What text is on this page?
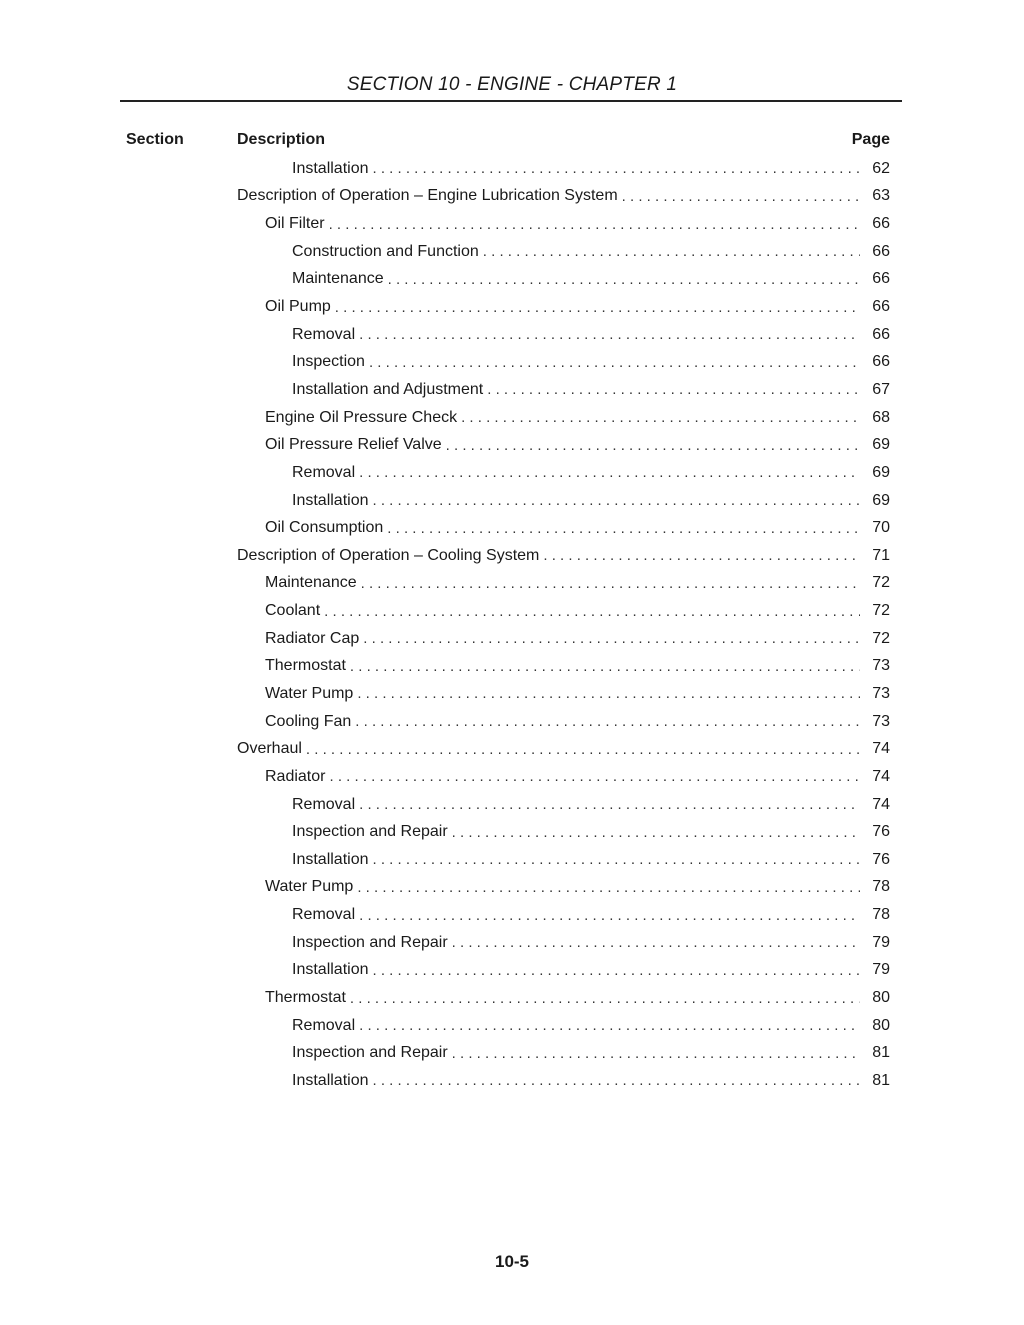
SECTION 10 - ENGINE - CHAPTER 1
Section	Description	Page
Installation . . .	62
Description of Operation – Engine Lubrication System . . .	63
Oil Filter . . .	66
Construction and Function . . .	66
Maintenance . . .	66
Oil Pump . . .	66
Removal . . .	66
Inspection . . .	66
Installation and Adjustment . . .	67
Engine Oil Pressure Check . . .	68
Oil Pressure Relief Valve . . .	69
Removal . . .	69
Installation . . .	69
Oil Consumption . . .	70
Description of Operation – Cooling System . . .	71
Maintenance . . .	72
Coolant . . .	72
Radiator Cap . . .	72
Thermostat . . .	73
Water Pump . . .	73
Cooling Fan . . .	73
Overhaul . . .	74
Radiator . . .	74
Removal . . .	74
Inspection and Repair . . .	76
Installation . . .	76
Water Pump . . .	78
Removal . . .	78
Inspection and Repair . . .	79
Installation . . .	79
Thermostat . . .	80
Removal . . .	80
Inspection and Repair . . .	81
Installation . . .	81
10-5
